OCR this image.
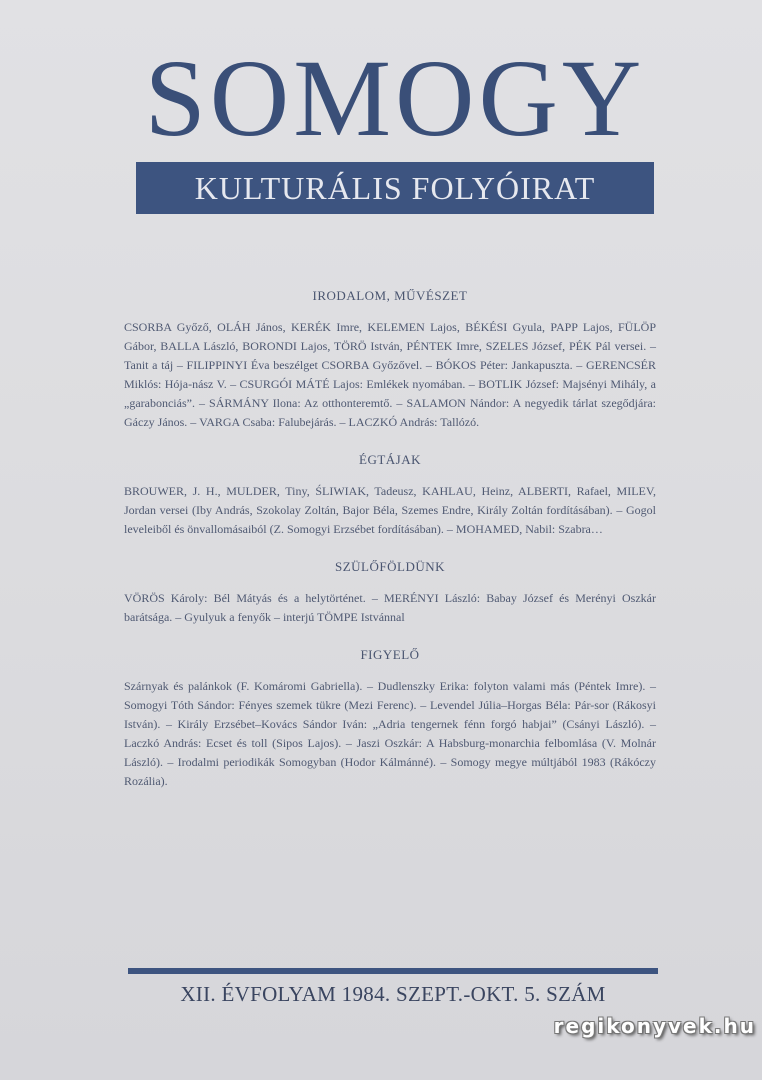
SOMOGY
KULTURÁLIS FOLYÓIRAT

IRODALOM, MŰVÉSZET

CSORBA Győző, OLÁH János, KERÉK Imre, KELEMEN Lajos, BÉKÉSI Gyula, PAPP Lajos, FÜLÖP Gábor, BALLA László, BORONDI Lajos, TÖRÖ István, PÉNTEK Imre, SZELES József, PÉK Pál versei. – Tanit a táj – FILIPPINYI Éva beszélget CSORBA Győzővel. – BÓKOS Péter: Jankapuszta. – GERENCSÉR Miklós: Hója-nász V. – CSURGÓI MÁTÉ Lajos: Emlékek nyomában. – BOTLIK József: Majsényi Mihály, a „garabonciás”. – SÁRMÁNY Ilona: Az otthonteremtő. – SALAMON Nándor: A negyedik tárlat szegődjára: Gáczy János. – VARGA Csaba: Falubejárás. – LACZKÓ András: Tallózó.

ÉGTÁJAK

BROUWER, J. H., MULDER, Tiny, ŚLIWIAK, Tadeusz, KAHLAU, Heinz, ALBERTI, Rafael, MILEV, Jordan versei (Iby András, Szokolay Zoltán, Bajor Béla, Szemes Endre, Király Zoltán fordításában). – Gogol leveleiből és önvallomásaiból (Z. Somogyi Erzsébet fordításában). – MOHAMED, Nabil: Szabra…

SZÜLŐFÖLDÜNK

VÖRÖS Károly: Bél Mátyás és a helytörténet. – MERÉNYI László: Babay József és Merényi Oszkár barátsága. – Gyulyuk a fenyők – interjú TÖMPE Istvánnal

FIGYELŐ

Szárnyak és palánkok (F. Komáromi Gabriella). – Dudlenszky Erika: folyton valami más (Péntek Imre). – Somogyi Tóth Sándor: Fényes szemek tükre (Mezi Ferenc). – Levendel Júlia–Horgas Béla: Pár-sor (Rákosyi István). – Király Erzsébet–Kovács Sándor Iván: „Adria tengernek fénn forgó habjai” (Csányi László). – Laczkó András: Ecset és toll (Sipos Lajos). – Jaszi Oszkár: A Habsburg-monarchia felbomlása (V. Molnár László). – Irodalmi periodikák Somogyban (Hodor Kálmánné). – Somogy megye múltjából 1983 (Rákóczy Rozália).

XII. ÉVFOLYAM 1984. SZEPT.-OKT. 5. SZÁM
regikonyvek.hu
